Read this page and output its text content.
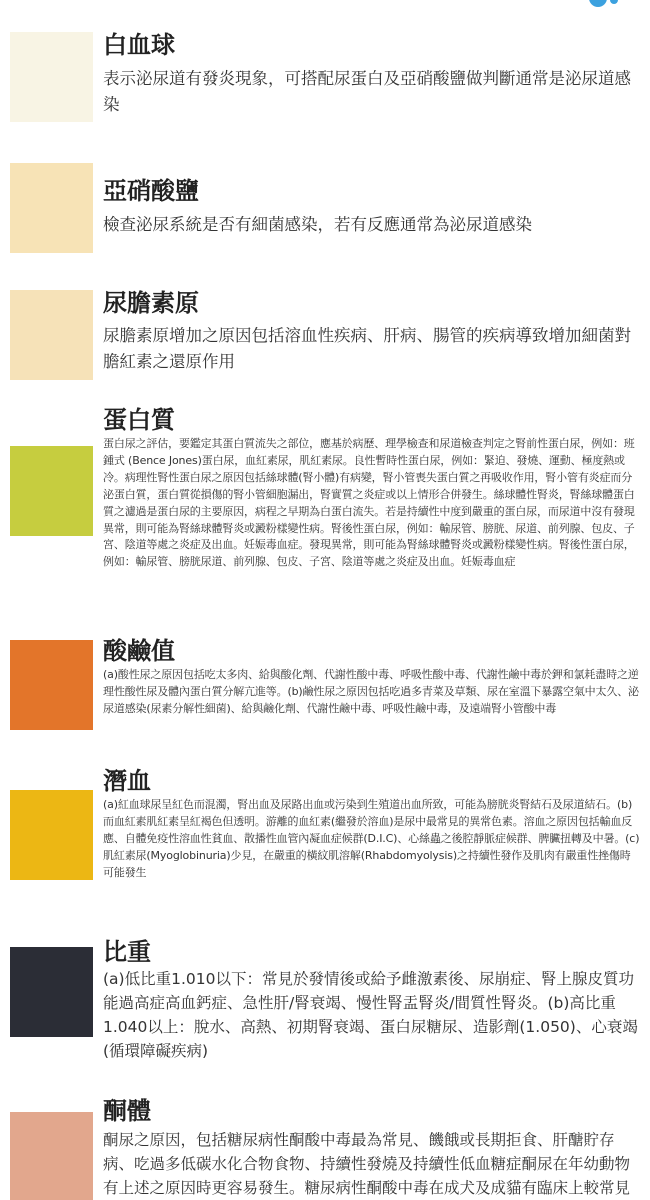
白血球

表示泌尿道有發炎現象，可搭配尿蛋白及亞硝酸鹽做判斷通常是泌尿道感染

亞硝酸鹽

檢查泌尿系統是否有細菌感染，若有反應通常為泌尿道感染

尿膽素原

尿膽素原增加之原因包括溶血性疾病、肝病、腸管的疾病導致增加細菌對膽紅素之還原作用

蛋白質

蛋白尿之評估，要鑑定其蛋白質流失之部位，應基於病歷、理學檢查和尿道檢查判定之腎前性蛋白尿，例如：班鍾式 (Bence Jones)蛋白尿，血紅素尿，肌紅素尿。良性暫時性蛋白尿，例如：緊迫、發燒、運動、極度熱或冷。病理性腎性蛋白尿之原因包括絲球體(腎小體)有病變，腎小管喪失蛋白質之再吸收作用，腎小管有炎症而分泌蛋白質，蛋白質從損傷的腎小管細胞漏出，腎實質之炎症或以上情形合併發生。絲球體性腎炎，腎絲球體蛋白質之濾過是蛋白尿的主要原因，病程之早期為白蛋白流失。若是持續性中度到嚴重的蛋白尿，而尿道中沒有發現異常，則可能為腎絲球體腎炎或澱粉樣變性病。腎後性蛋白尿，例如：輸尿管、膀胱、尿道、前列腺、包皮、子宮、陰道等處之炎症及出血。妊娠毒血症。發現異常，則可能為腎絲球體腎炎或澱粉樣變性病。腎後性蛋白尿，例如：輸尿管、膀胱尿道、前列腺、包皮、子宮、陰道等處之炎症及出血。妊娠毒血症

酸鹼值

(a)酸性尿之原因包括吃太多肉、給與酸化劑、代謝性酸中毒、呼吸性酸中毒、代謝性鹼中毒於鉀和氯耗盡時之逆理性酸性尿及體內蛋白質分解亢進等。(b)鹼性尿之原因包括吃過多青菜及草類、尿在室溫下暴露空氣中太久、泌尿道感染(尿素分解性細菌)、給與鹼化劑、代謝性鹼中毒、呼吸性鹼中毒，及遠端腎小管酸中毒

潛血

(a)紅血球尿呈紅色而混濁，腎出血及尿路出血或污染到生殖道出血所致，可能為膀胱炎腎結石及尿道結石。(b)而血紅素肌紅素呈紅褐色但透明。游離的血紅素(繼發於溶血)是尿中最常見的異常色素。溶血之原因包括輸血反應、自體免疫性溶血性貧血、散播性血管內凝血症候群(D.I.C)、心絲蟲之後腔靜脈症候群、脾臟扭轉及中暑。(c)肌紅素尿(Myoglobinuria)少見，在嚴重的橫紋肌溶解(Rhabdomyolysis)之持續性發作及肌肉有嚴重性挫傷時可能發生

比重

(a)低比重1.010以下：常見於發情後或給予雌激素後、尿崩症、腎上腺皮質功能過高症高血鈣症、急性肝/腎衰竭、慢性腎盂腎炎/間質性腎炎。(b)高比重1.040以上：脫水、高熱、初期腎衰竭、蛋白尿糖尿、造影劑(1.050)、心衰竭(循環障礙疾病)

酮體

酮尿之原因，包括糖尿病性酮酸中毒最為常見、饑餓或長期拒食、肝醣貯存病、吃過多低碳水化合物食物、持續性發燒及持續性低血糖症酮尿在年幼動物有上述之原因時更容易發生。糖尿病性酮酸中毒在成犬及成貓有臨床上較常見
